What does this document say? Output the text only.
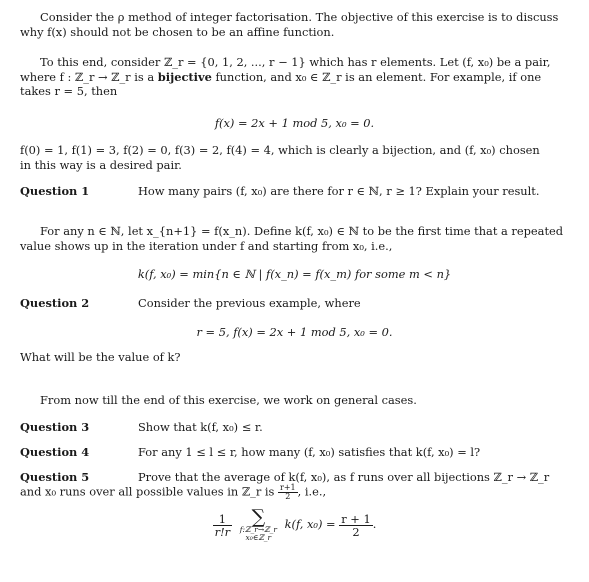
Consider the ρ method of integer factorisation. The objective of this exercise is to discuss
why f(x) should not be chosen to be an affine function.

To this end, consider ℤ_r = {0, 1, 2, ..., r − 1} which has r elements. Let (f, x₀) be a pair,
where f : ℤ_r → ℤ_r is a bijective function, and x₀ ∈ ℤ_r is an element. For example, if one
takes r = 5, then

f(x) = 2x + 1 mod 5, x₀ = 0.

f(0) = 1, f(1) = 3, f(2) = 0, f(3) = 2, f(4) = 4, which is clearly a bijection, and (f, x₀) chosen
in this way is a desired pair.

Question 1	How many pairs (f, x₀) are there for r ∈ ℕ, r ≥ 1? Explain your result.

For any n ∈ ℕ, let x_{n+1} = f(x_n). Define k(f, x₀) ∈ ℕ to be the first time that a repeated
value shows up in the iteration under f and starting from x₀, i.e.,

k(f, x₀) = min{n ∈ ℕ | f(x_n) = f(x_m) for some m < n}
Question 2	Consider the previous example, where
r = 5, f(x) = 2x + 1 mod 5, x₀ = 0.

What will be the value of k?

From now till the end of this exercise, we work on general cases.

Question 3	Show that k(f, x₀) ≤ r.
Question 4	For any 1 ≤ l ≤ r, how many (f, x₀) satisfies that k(f, x₀) = l?
Question 5	Prove that the average of k(f, x₀), as f runs over all bijections ℤ_r → ℤ_r
and x₀ runs over all possible values in ℤ_r is $\frac{r+1}{2}$ , i.e.,
$\frac{1}{r!r}$
	∑
f:ℤ_r→ℤ_r
x₀∈ℤ_r
k(f, $x_0) = \frac{r + 1}{2}$ .
